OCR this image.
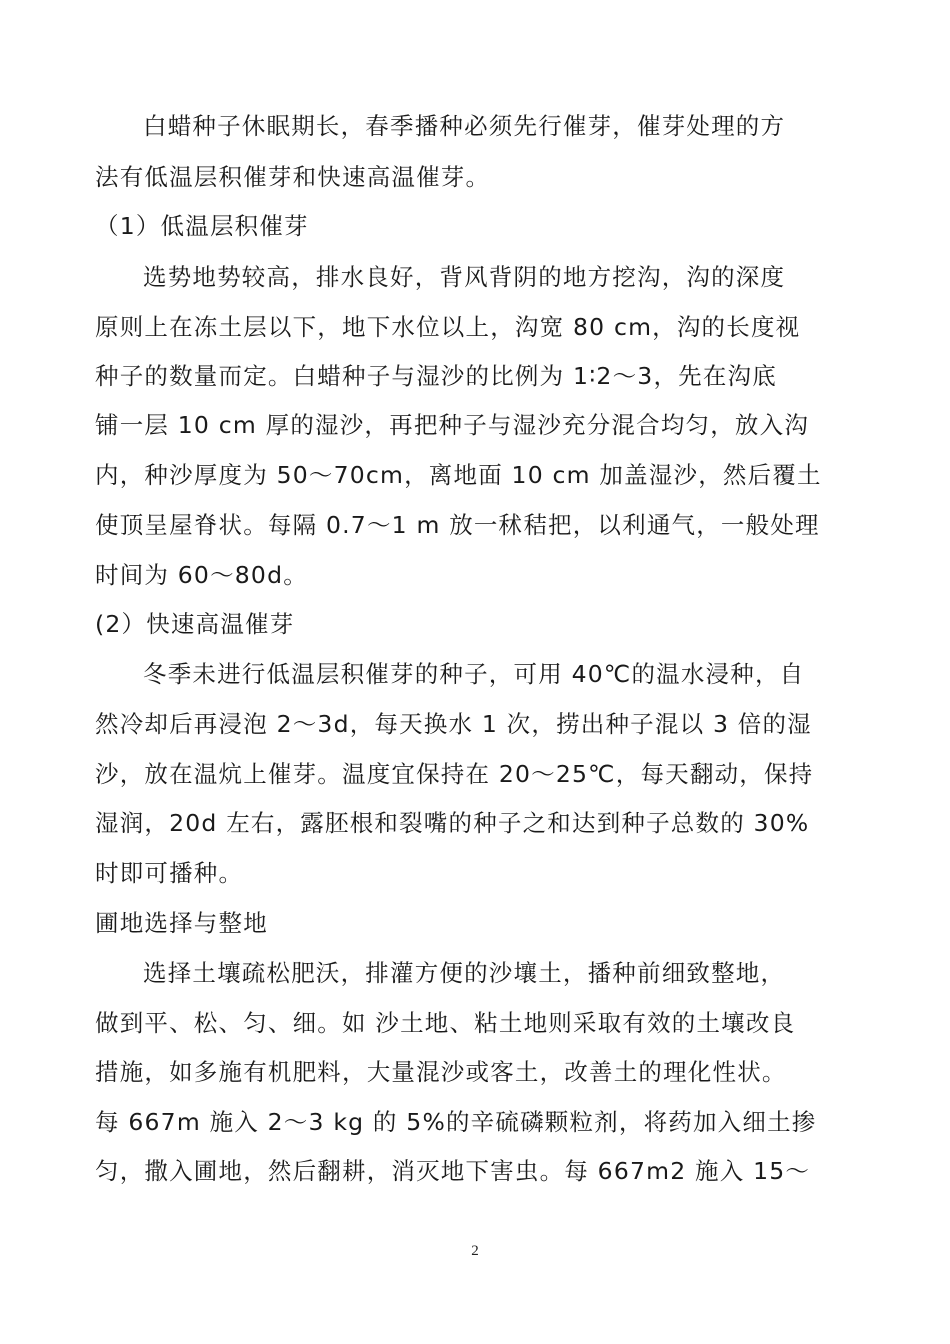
白蜡种子休眠期长，春季播种必须先行催芽，催芽处理的方
法有低温层积催芽和快速高温催芽。
（1）低温层积催芽
选势地势较高，排水良好，背风背阴的地方挖沟，沟的深度
原则上在冻土层以下，地下水位以上，沟宽 80 cm，沟的长度视
种子的数量而定。白蜡种子与湿沙的比例为 1∶2～3，先在沟底
铺一层 10 cm 厚的湿沙，再把种子与湿沙充分混合均匀，放入沟
内，种沙厚度为 50～70cm，离地面 10 cm 加盖湿沙，然后覆土
使顶呈屋脊状。每隔 0.7～1 m 放一秫秸把，以利通气，一般处理
时间为 60～80d。
(2）快速高温催芽
冬季未进行低温层积催芽的种子，可用 40℃的温水浸种，自
然冷却后再浸泡 2～3d，每天换水 1 次，捞出种子混以 3 倍的湿
沙，放在温炕上催芽。温度宜保持在 20～25℃，每天翻动，保持
湿润，20d 左右，露胚根和裂嘴的种子之和达到种子总数的 30%
时即可播种。
圃地选择与整地
选择土壤疏松肥沃，排灌方便的沙壤土，播种前细致整地，
做到平、松、匀、细。如 沙土地、粘土地则采取有效的土壤改良
措施，如多施有机肥料，大量混沙或客土，改善土的理化性状。
每 667m 施入 2～3 kg 的 5%的辛硫磷颗粒剂，将药加入细土掺
匀，撒入圃地，然后翻耕，消灭地下害虫。每 667m2 施入 15～
2
